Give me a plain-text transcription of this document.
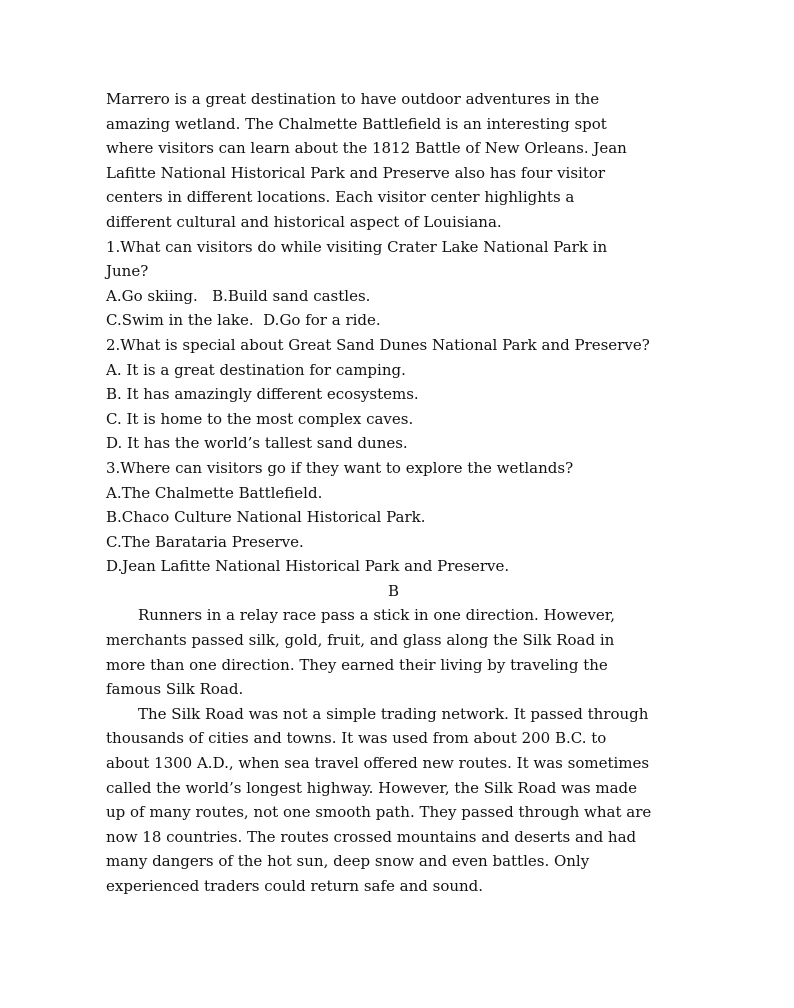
Marrero is a great destination to have outdoor adventures in the
amazing wetland. The Chalmette Battlefield is an interesting spot
where visitors can learn about the 1812 Battle of New Orleans. Jean
Lafitte National Historical Park and Preserve also has four visitor
centers in different locations. Each visitor center highlights a
different cultural and historical aspect of Louisiana.
1.What can visitors do while visiting Crater Lake National Park in
June?
A.Go skiing.   B.Build sand castles.
C.Swim in the lake.  D.Go for a ride.
2.What is special about Great Sand Dunes National Park and Preserve?
A. It is a great destination for camping.
B. It has amazingly different ecosystems.
C. It is home to the most complex caves.
D. It has the world’s tallest sand dunes.
3.Where can visitors go if they want to explore the wetlands?
A.The Chalmette Battlefield.
B.Chaco Culture National Historical Park.
C.The Barataria Preserve.
D.Jean Lafitte National Historical Park and Preserve.
B
Runners in a relay race pass a stick in one direction. However,
merchants passed silk, gold, fruit, and glass along the Silk Road in
more than one direction. They earned their living by traveling the
famous Silk Road.
The Silk Road was not a simple trading network. It passed through
thousands of cities and towns. It was used from about 200 B.C. to
about 1300 A.D., when sea travel offered new routes. It was sometimes
called the world’s longest highway. However, the Silk Road was made
up of many routes, not one smooth path. They passed through what are
now 18 countries. The routes crossed mountains and deserts and had
many dangers of the hot sun, deep snow and even battles. Only
experienced traders could return safe and sound.
